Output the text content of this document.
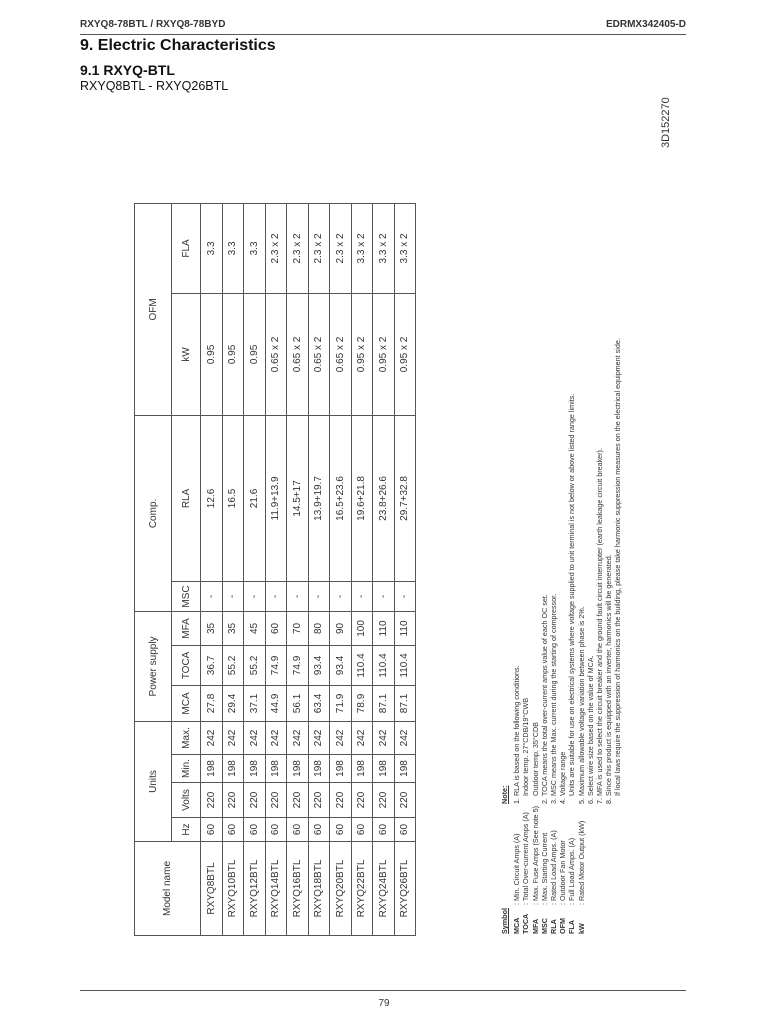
RXYQ8-78BTL / RXYQ8-78BYD	EDRMX342405-D
9. Electric Characteristics
9.1 RXYQ-BTL
RXYQ8BTL - RXYQ26BTL
Model name	Units				Power supply			Comp.		OFM	
	Hz	Volts	Min.	Max.	MCA	TOCA	MFA	MSC	RLA	kW	FLA
RXYQ8BTL	60	220	198	242	27.8	36.7	35	-	12.6	0.95	3.3
RXYQ10BTL	60	220	198	242	29.4	55.2	35	-	16.5	0.95	3.3
RXYQ12BTL	60	220	198	242	37.1	55.2	45	-	21.6	0.95	3.3
RXYQ14BTL	60	220	198	242	44.9	74.9	60	-	11.9+13.9	0.65 x 2	2.3 x 2
RXYQ16BTL	60	220	198	242	56.1	74.9	70	-	14.5+17	0.65 x 2	2.3 x 2
RXYQ18BTL	60	220	198	242	63.4	93.4	80	-	13.9+19.7	0.65 x 2	2.3 x 2
RXYQ20BTL	60	220	198	242	71.9	93.4	90	-	16.5+23.6	0.65 x 2	2.3 x 2
RXYQ22BTL	60	220	198	242	78.9	110.4	100	-	19.6+21.8	0.95 x 2	3.3 x 2
RXYQ24BTL	60	220	198	242	87.1	110.4	110	-	23.8+26.6	0.95 x 2	3.3 x 2
RXYQ26BTL	60	220	198	242	87.1	110.4	110	-	29.7+32.8	0.95 x 2	3.3 x 2
Symbol MCA	: Min. Circuit Amps (A)
TOCA	: Total Over-current Amps (A)
MFA	: Max. Fuse Amps (See note 5)
MSC	: Max. Starting Current
RLA	: Rated Load Amps. (A)
OFM	: Outdoor Fan Motor
FLA	: Full Load Amps. (A)
kW	: Rated Motor Output (kW)
Note: 1. RLA is based on the following conditions. Indoor temp. 27°CDB/19°CWB Outdoor temp. 35°CDB 2. TOCA means the total over-current amps value of each OC set. 3. MSC means the Max. current during the starting of compressor. 4. Voltage range Units are suitable for use on electrical systems where voltage supplied to unit terminal is not below or above listed range limits. 5. Maximum allowable voltage variation between phase is 2%. 6. Select wire size based on the value of MCA. 7. MFA is used to select the circuit breaker and the ground fault circuit interrupter (earth leakage circuit breaker). 8. Since this product is equipped with an inverter, harmonics will be generated. If local laws require the suppression of harmonics on the building, please take harmonic suppression measures on the electrical equipment side.
3D152270
79
